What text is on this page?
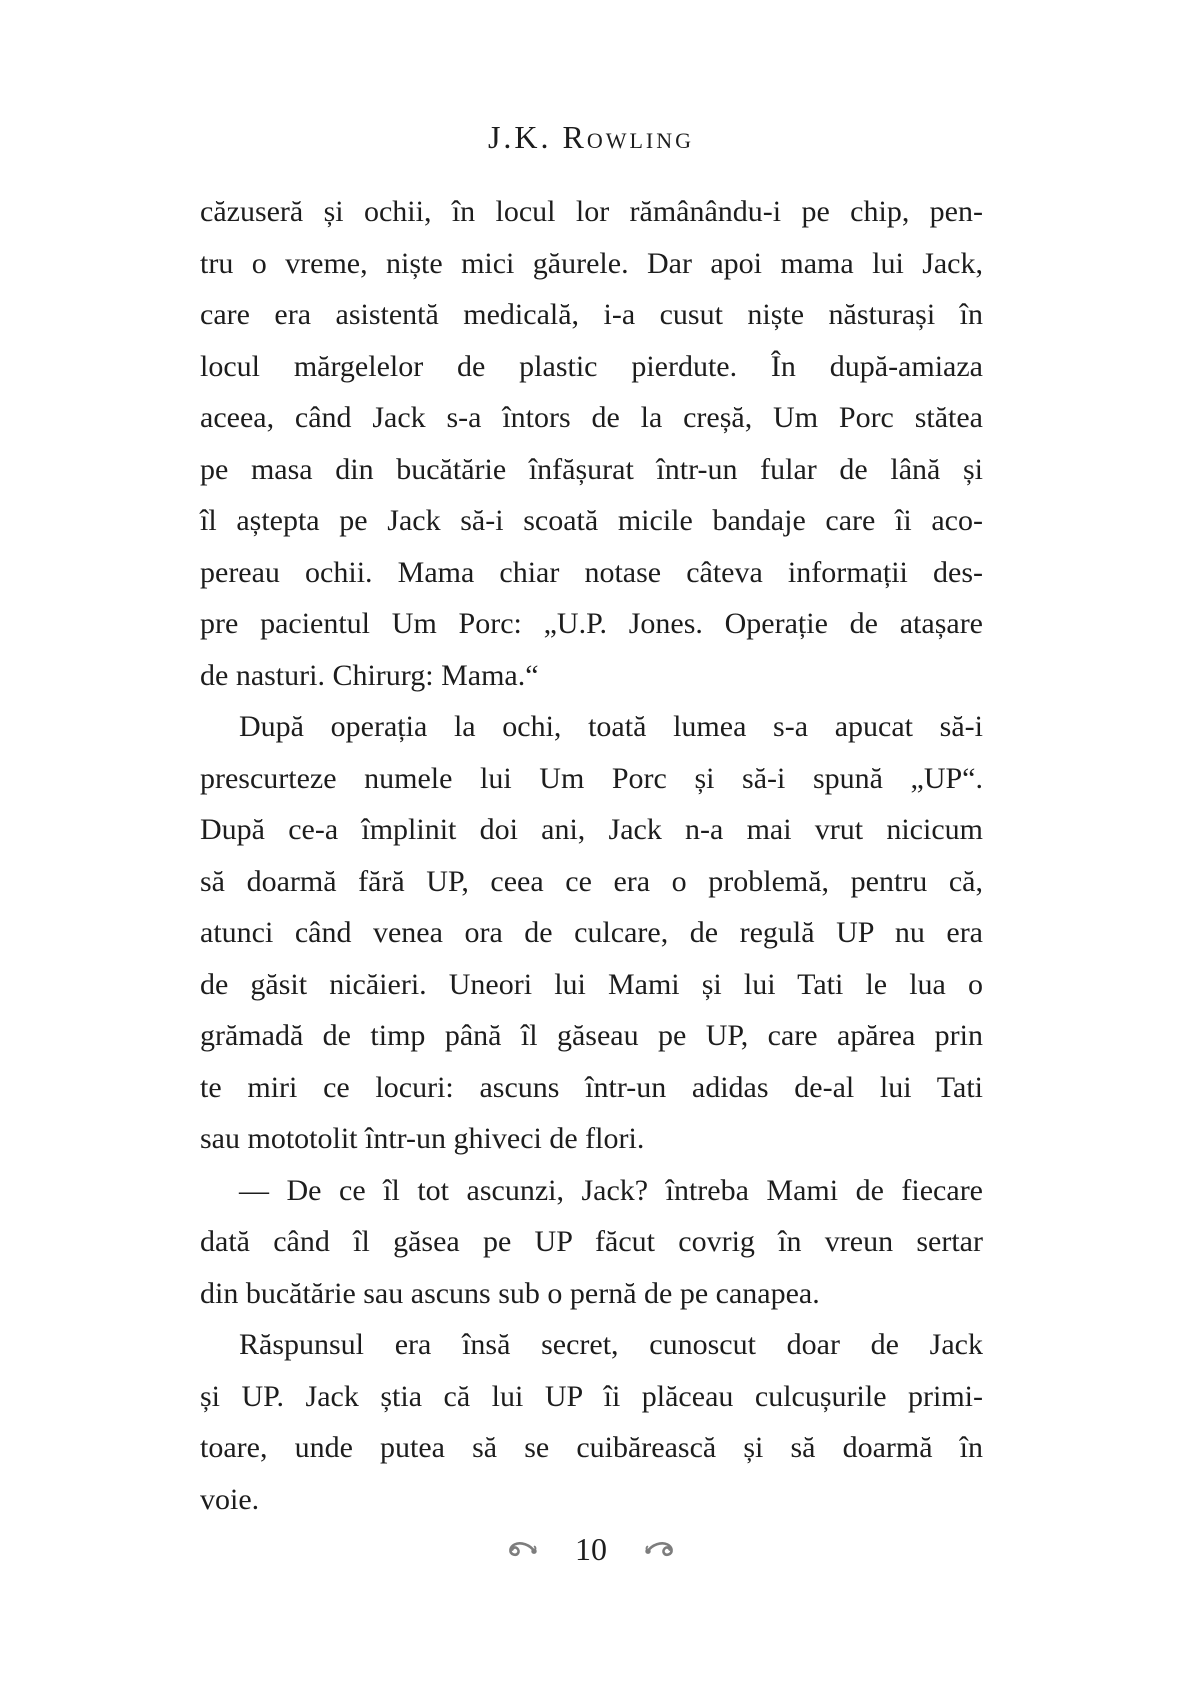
J.K. Rowling
căzuseră și ochii, în locul lor rămânându-i pe chip, pen-
tru o vreme, niște mici găurele. Dar apoi mama lui Jack,
care era asistentă medicală, i-a cusut niște năsturași în
locul mărgelelor de plastic pierdute. În după-amiaza
aceea, când Jack s-a întors de la creșă, Um Porc stătea
pe masa din bucătărie înfășurat într-un fular de lână și
îl aștepta pe Jack să-i scoată micile bandaje care îi aco-
pereau ochii. Mama chiar notase câteva informații des-
pre pacientul Um Porc: „U.P. Jones. Operație de atașare
de nasturi. Chirurg: Mama.“
După operația la ochi, toată lumea s-a apucat să-i
prescurteze numele lui Um Porc și să-i spună „UP“.
După ce-a împlinit doi ani, Jack n-a mai vrut nicicum
să doarmă fără UP, ceea ce era o problemă, pentru că,
atunci când venea ora de culcare, de regulă UP nu era
de găsit nicăieri. Uneori lui Mami și lui Tati le lua o
grămadă de timp până îl găseau pe UP, care apărea prin
te miri ce locuri: ascuns într-un adidas de-al lui Tati
sau mototolit într-un ghiveci de flori.
— De ce îl tot ascunzi, Jack? întreba Mami de fiecare
dată când îl găsea pe UP făcut covrig în vreun sertar
din bucătărie sau ascuns sub o pernă de pe canapea.
Răspunsul era însă secret, cunoscut doar de Jack
și UP. Jack știa că lui UP îi plăceau culcușurile primi-
toare, unde putea să se cuibărească și să doarmă în
voie.
10
